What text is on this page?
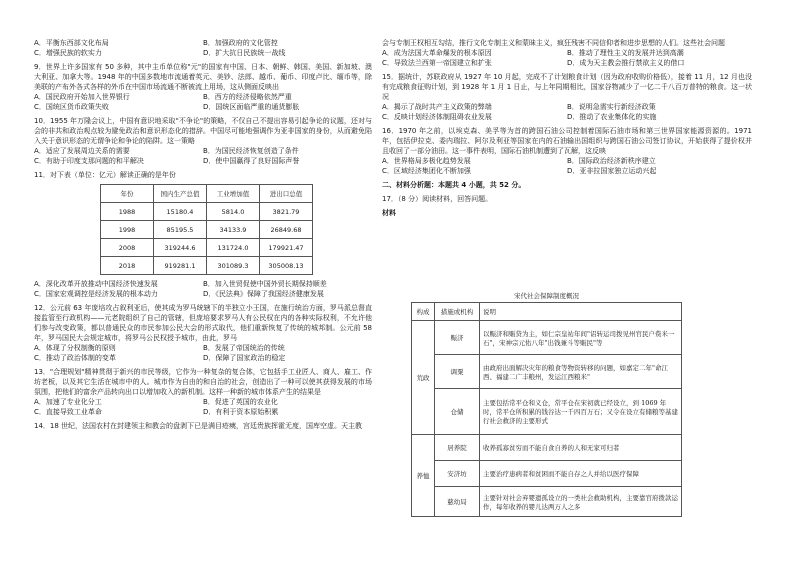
A．平衡东西部文化布局	B．加强政府的文化管控
C．增强民族的软实力	D．扩大抗日民族统一战线

9．世界上许多国家有 50 多种，其中主币单位称"元"的国家有中国、日本、朝鲜、韩国、美国、新加坡、澳大利亚、加拿大等。1948 年的中国多数地市流通着英元、美钞、法郎、越币、葡币、印度卢比、缅币等，除美联的产布外各式各样的外币在中国市场流通不断被流上用场，这从侧面反映出

A．国民政府开始加入世界银行	B．西方的经济侵略依然严重
C．国统区货币政策失败	D．国统区面临严重的通货膨胀

10．1955 年万隆会议上，中国有意识地采取"不争论"的策略，不仅自己不提出容易引起争论的议题，还对与会的非共和政治观点较为避免政治和意识形态化的措辞。中国尽可能地强调作为亚非国家的身份，从而避免陷入关于意识形态的无谓争论和争论的陷阱。这一策略

A．适应了发展周边关系的需要	B．为国民经济恢复创造了条件
C．有助于印度支那问题的和平解决	D．使中国赢得了良好国际声誉

11．对下表（单位：亿元）解读正确的是年份

年份	国内生产总值	工业增加值	进出口总值
1988	15180.4	5814.0	3821.79
1998	85195.5	34133.9	26849.68
2008	319244.6	131724.0	179921.47
2018	919281.1	301089.3	305008.13
A．深化改革开放推动中国经济快速发展	B．加入世贸促使中国外贸长期保持顺差
C．国家宏观调控是经济发展的根本动力	D．《民法典》保障了我国经济健康发展

12．公元前 63 年庞培攻占叙利亚后，使其成为罗马统辖下的半独立小王国，在施行统治方面，罗马派总督直接监管至行政机构——元老院组织了自己的管辖，但庞培要求罗马人有公民权在内的各种实际权利，不允许他们参与改变政策，都以普通民众的市民参加公民大会的形式取代，他们重新恢复了传统的城邦制。公元前 58 年，罗马国民大会规定城市，将罗马公民权授予城市，由此，罗马

A．体现了分权制衡的原则	B．发展了帝国统治的传统
C．推动了政治体制的变革	D．保障了国家政治的稳定

13．"合理规划"精神贯彻于新兴的市民等级，它作为一种复杂的复合体，它包括手工业匠人、商人、雇工、作坊老板，以及其它生活在城市中的人。城市作为自由的和自治的社会，创造出了一种可以使其获得发展的市场氛围，把他们的富余产品转向出口以增加收入的新机制。这样一种新的城市体系产生的结果是

A．加速了专业化分工	B．促进了英国的农业化
C．直接导致工业革命	D．有利于资本原始积累

14．18 世纪，法国农村在封建领主和教会的盘剥下已是满目疮痍，宫廷贵族挥霍无度，国库空虚。天主教

会与专制王权相互勾结，推行文化专制主义和蒙昧主义，疯狂残害不同信仰者和进步思想的人们。这些社会问题

A．成为法国大革命爆发的根本原因	B．推动了理性主义的发展并达到高潮
C．导致法兰西第一帝国建立和扩张	D．成为天主教会推行禁欲主义的借口

15．据统计，苏联政府从 1927 年 10 月起，完成不了计划粮食计划（因为政府收购价格低），接着 11 月，12 月也没有完成粮食征购计划，到 1928 年 1 月 1 日止，与上年同期相比，国家谷物减少了一亿二千八百万普特的粮食。这一状况

A．揭示了战时共产主义政策的弊端	B．说明急需实行新经济政策
C．反映计划经济体制阻碍农业发展	D．推动了农业集体化的实施

16．1970 年之前，以埃克森、美孚等为首的跨国石油公司控制着国际石油市场和第三世界国家能源资源的。1971 年，包括伊拉克、委内瑞拉、阿尔及利亚等国家在内的石油输出国组织与跨国石油公司签订协议，开始获得了提价权并且收回了一部分油田。这一事件表明，国际石油机制遭到了瓦解，这反映

A．世界格局多极化趋势发展	B．国际政治经济新秩序建立
C．区域经济集团化不断加强	D．亚非拉国家独立运动兴起

二、材料分析题：本题共 4 小题，共 52 分。

17．（8 分）阅读材料，回答问题。

材料

宋代社会保障制度概况
构成	措施或机构	说明
荒政	赈济	以赈济和赈贷为主，如仁宗皇祐年间"诏转运司拨见州官民户赀米一石"，宋神宗元佑八年"出钱兼斗等赈民"等
	调粟	由政府出面解决灾年的粮食等物资转移的问题，如嘉定二年"命江西、福建二广丰粮州，发运江西粮米"
	仓储	主要包括常平仓和义仓，常平仓在宋初就已经设立，到 1069 年时，常平仓所积累的钱谷达一千四百万石；又令在设立有储粮等基建行社会救济的主要形式
养恤	居养院	收养孤寡贫穷而不能自食自养的人和无家可归者
	安济坊	主要治疗患病者和贫困而不能自存之人并给以医疗保障
	慈幼局	主要针对社会弃婴遗孤设立的一类社会救助机构，主要靠官府拨款运作，每年收养的婴儿达两万人之多
